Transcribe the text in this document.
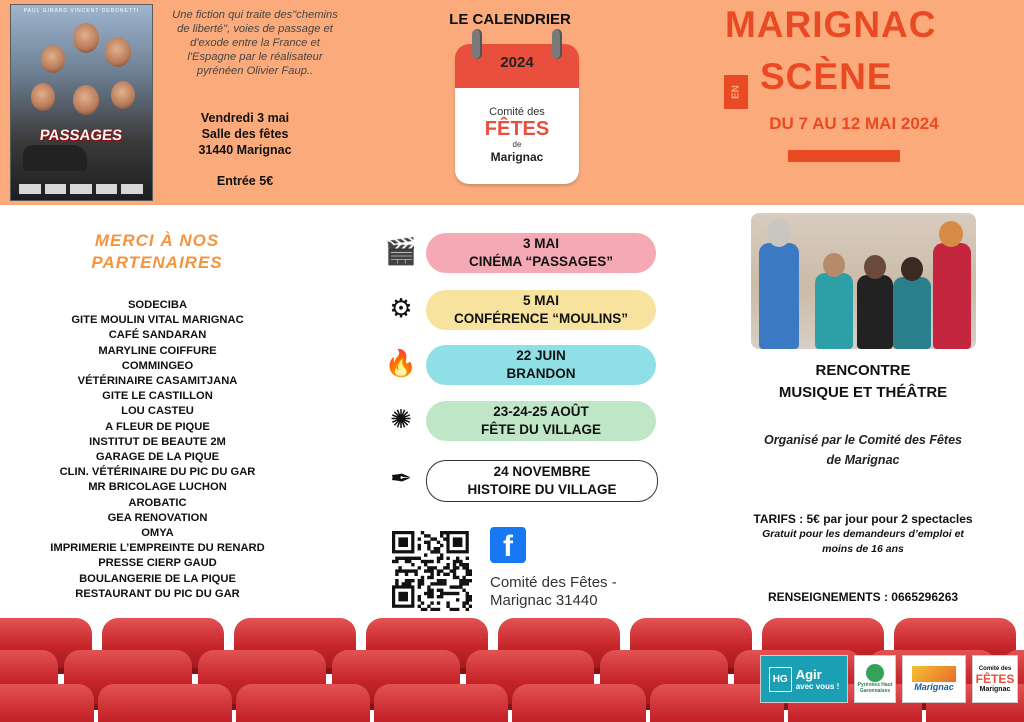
PAUL GIRARD VINCENT DEBONETTI
PASSAGES
Une fiction qui traite des"chemins de liberté", voies de passage et d'exode entre la France et l'Espagne par le réalisateur pyrénéen Olivier Faup..
Vendredi 3 mai
Salle des fêtes
31440 Marignac
Entrée 5€
LE CALENDRIER
2024
Comité des
FÊTES
de
Marignac
MARIGNAC
EN SCÈNE
DU 7 AU 12 MAI 2024
MERCI À NOS
PARTENAIRES
SODECIBA
GITE MOULIN VITAL MARIGNAC
CAFÉ SANDARAN
MARYLINE COIFFURE
COMMINGEO
VÉTÉRINAIRE CASAMITJANA
GITE LE CASTILLON
LOU CASTEU
A FLEUR DE PIQUE
INSTITUT DE BEAUTE 2M
GARAGE DE LA PIQUE
CLIN. VÉTÉRINAIRE DU PIC DU GAR
MR BRICOLAGE LUCHON
AROBATIC
GEA RENOVATION
OMYA
IMPRIMERIE L’EMPREINTE DU RENARD
PRESSE CIERP GAUD
BOULANGERIE DE LA PIQUE
RESTAURANT DU PIC DU GAR
🎬	3 MAI
CINÉMA “PASSAGES”
⚙	5 MAI
CONFÉRENCE “MOULINS”
🔥	22 JUIN
BRANDON
✺	23-24-25 AOÛT
FÊTE DU VILLAGE
✒	24 NOVEMBRE
HISTOIRE DU VILLAGE
f
Comité des Fêtes -
Marignac 31440
RENCONTRE
MUSIQUE ET THÉÂTRE
Organisé par le Comité des Fêtes
de Marignac
TARIFS : 5€ par jour pour 2 spectacles
Gratuit pour les demandeurs d’emploi et
moins de 16 ans
RENSEIGNEMENTS : 0665296263
HG Agir
avec vous !	Pyrénées Haut Garonnaises	Marignac
Comité des
FÊTES
Marignac
